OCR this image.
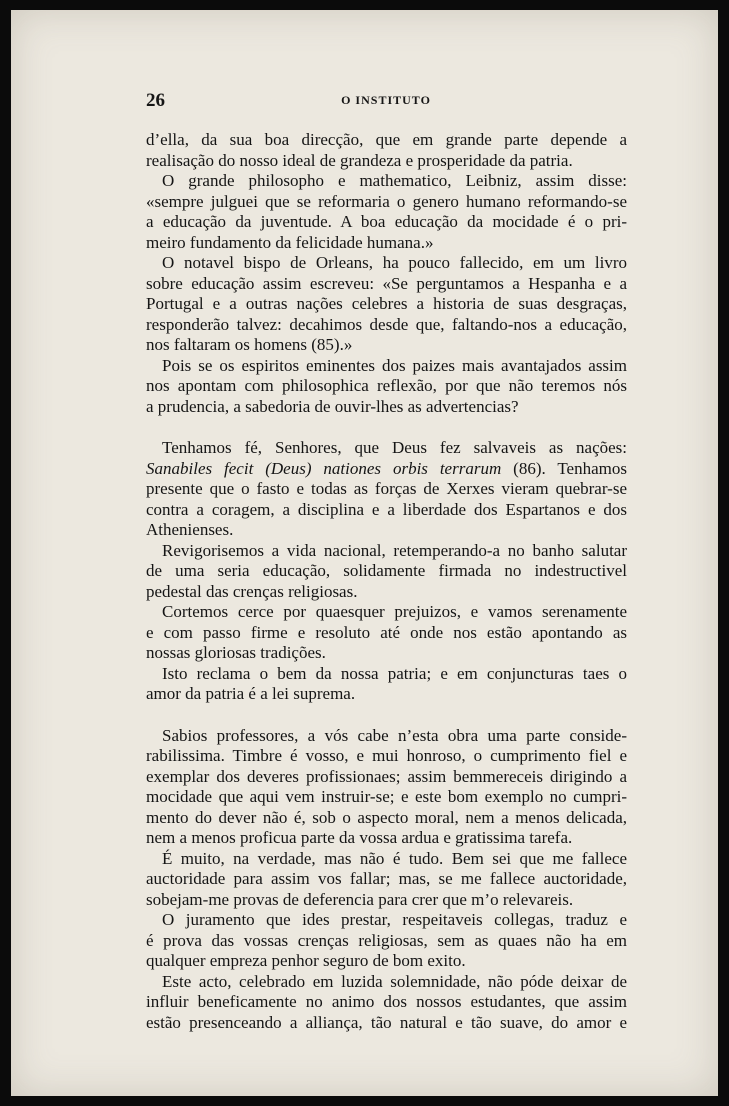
26	O INSTITUTO

d’ella, da sua boa direcção, que em grande parte depende a

realisação do nosso ideal de grandeza e prosperidade da patria.

O grande philosopho e mathematico, Leibniz, assim disse:

«sempre julguei que se reformaria o genero humano reformando-se

a educação da juventude. A boa educação da mocidade é o pri-

meiro fundamento da felicidade humana.»

O notavel bispo de Orleans, ha pouco fallecido, em um livro

sobre educação assim escreveu: «Se perguntamos a Hespanha e a

Portugal e a outras nações celebres a historia de suas desgraças,

responderão talvez: decahimos desde que, faltando-nos a educação,

nos faltaram os homens (85).»

Pois se os espiritos eminentes dos paizes mais avantajados assim

nos apontam com philosophica reflexão, por que não teremos nós

a prudencia, a sabedoria de ouvir-lhes as advertencias?

Tenhamos fé, Senhores, que Deus fez salvaveis as nações:

Sanabiles fecit (Deus) nationes orbis terrarum (86). Tenhamos

presente que o fasto e todas as forças de Xerxes vieram quebrar-se

contra a coragem, a disciplina e a liberdade dos Espartanos e dos

Athenienses.

Revigorisemos a vida nacional, retemperando-a no banho salutar

de uma seria educação, solidamente firmada no indestructivel

pedestal das crenças religiosas.

Cortemos cerce por quaesquer prejuizos, e vamos serenamente

e com passo firme e resoluto até onde nos estão apontando as

nossas gloriosas tradições.

Isto reclama o bem da nossa patria; e em conjuncturas taes o

amor da patria é a lei suprema.

Sabios professores, a vós cabe n’esta obra uma parte conside-

rabilissima. Timbre é vosso, e mui honroso, o cumprimento fiel e

exemplar dos deveres profissionaes; assim bemmereceis dirigindo a

mocidade que aqui vem instruir-se; e este bom exemplo no cumpri-

mento do dever não é, sob o aspecto moral, nem a menos delicada,

nem a menos proficua parte da vossa ardua e gratissima tarefa.

É muito, na verdade, mas não é tudo. Bem sei que me fallece

auctoridade para assim vos fallar; mas, se me fallece auctoridade,

sobejam-me provas de deferencia para crer que m’o relevareis.

O juramento que ides prestar, respeitaveis collegas, traduz e

é prova das vossas crenças religiosas, sem as quaes não ha em

qualquer empreza penhor seguro de bom exito.

Este acto, celebrado em luzida solemnidade, não póde deixar de

influir beneficamente no animo dos nossos estudantes, que assim

estão presenceando a alliança, tão natural e tão suave, do amor e
